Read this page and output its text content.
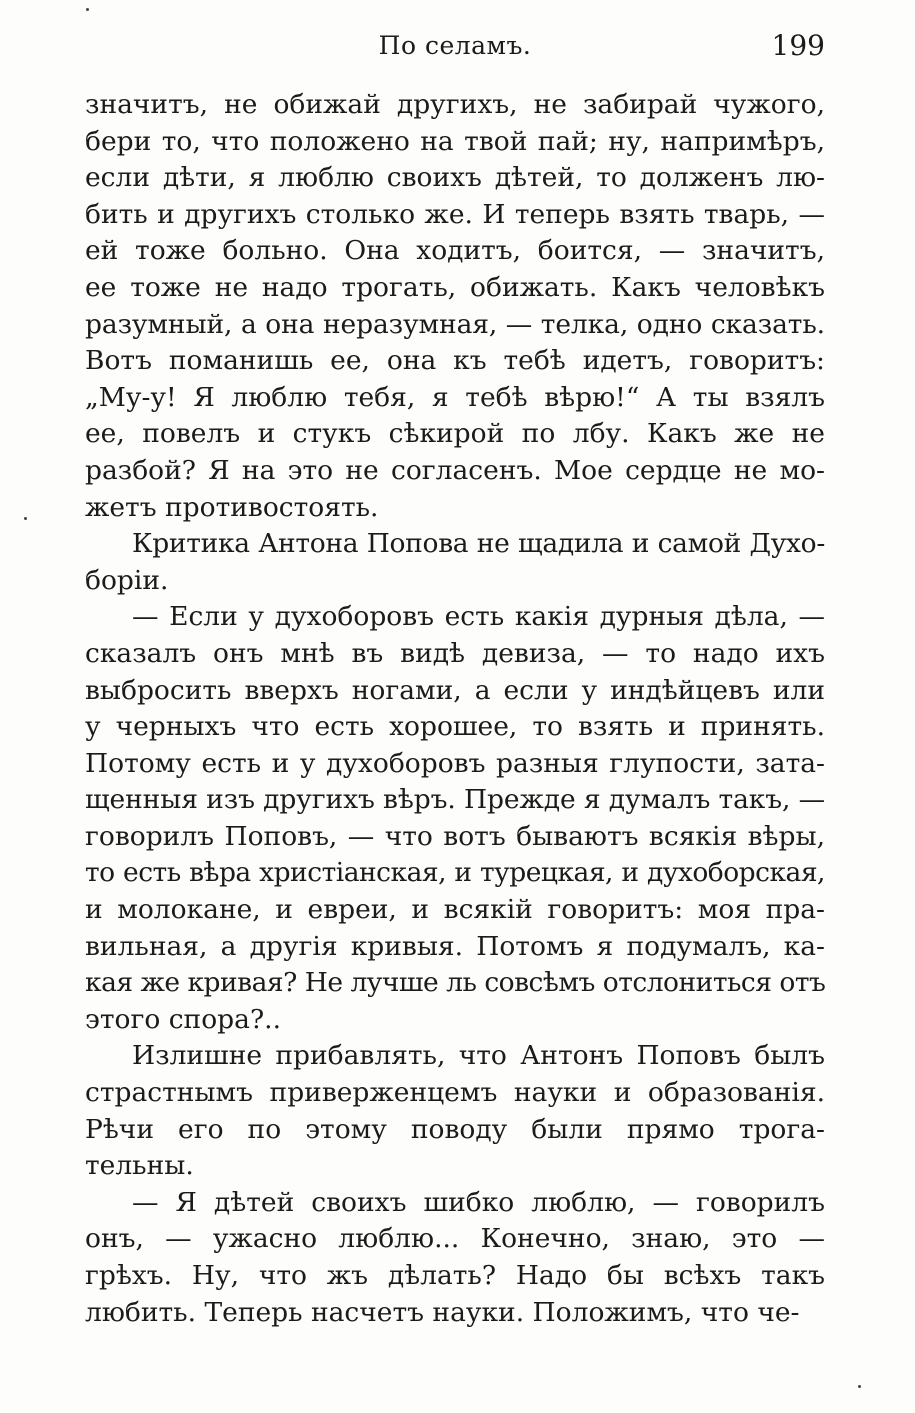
По селамъ.	199
значитъ, не обижай другихъ, не забирай чужого,
бери то, что положено на твой пай; ну, напримѣръ,
если дѣти, я люблю своихъ дѣтей, то долженъ лю-
бить и другихъ столько же. И теперь взять тварь, —
ей тоже больно. Она ходитъ, боится, — значитъ,
ее тоже не надо трогать, обижать. Какъ человѣкъ
разумный, а она неразумная, — телка, одно сказать.
Вотъ поманишь ее, она къ тебѣ идетъ, говоритъ:
„Му-у! Я люблю тебя, я тебѣ вѣрю!“ А ты взялъ
ее, повелъ и стукъ сѣкирой по лбу. Какъ же не
разбой? Я на это не согласенъ. Мое сердце не мо-
жетъ противостоять.
Критика Антона Попова не щадила и самой Духо-
борiи.
— Если у духоборовъ есть какiя дурныя дѣла, —
сказалъ онъ мнѣ въ видѣ девиза, — то надо ихъ
выбросить вверхъ ногами, а если у индѣйцевъ или
у черныхъ что есть хорошее, то взять и принять.
Потому есть и у духоборовъ разныя глупости, зата-
щенныя изъ другихъ вѣръ. Прежде я думалъ такъ, —
говорилъ Поповъ, — что вотъ бываютъ всякiя вѣры,
то есть вѣра христiанская, и турецкая, и духоборская,
и молокане, и евреи, и всякiй говоритъ: моя пра-
вильная, а другiя кривыя. Потомъ я подумалъ, ка-
кая же кривая? Не лучше ль совсѣмъ отслониться отъ
этого спора?..
Излишне прибавлять, что Антонъ Поповъ былъ
страстнымъ приверженцемъ науки и образованiя.
Рѣчи его по этому поводу были прямо трога-
тельны.
— Я дѣтей своихъ шибко люблю, — говорилъ
онъ, — ужасно люблю... Конечно, знаю, это —
грѣхъ. Ну, что жъ дѣлать? Надо бы всѣхъ такъ
любить. Теперь насчетъ науки. Положимъ, что че-
